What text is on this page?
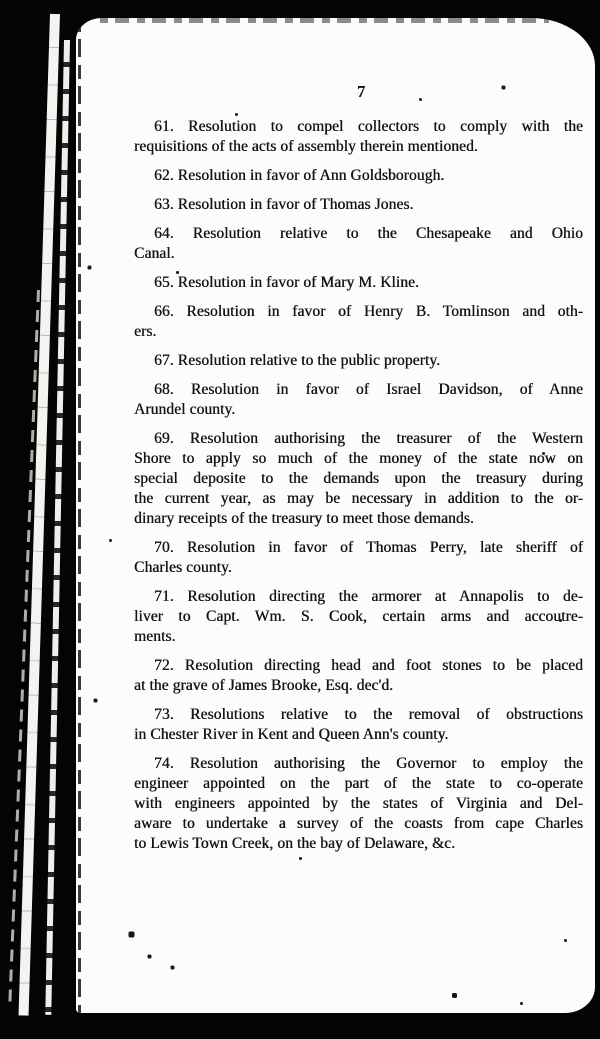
7

61. Resolution to compel collectors to comply with the
requisitions of the acts of assembly therein mentioned.

62. Resolution in favor of Ann Goldsborough.

63. Resolution in favor of Thomas Jones.

64. Resolution relative to the Chesapeake and Ohio
Canal.

65. Resolution in favor of Mary M. Kline.

66. Resolution in favor of Henry B. Tomlinson and oth-
ers.

67. Resolution relative to the public property.

68. Resolution in favor of Israel Davidson, of Anne
Arundel county.

69. Resolution authorising the treasurer of the Western
Shore to apply so much of the money of the state now on
special deposite to the demands upon the treasury during
the current year, as may be necessary in addition to the or-
dinary receipts of the treasury to meet those demands.

70. Resolution in favor of Thomas Perry, late sheriff of
Charles county.

71. Resolution directing the armorer at Annapolis to de-
liver to Capt. Wm. S. Cook, certain arms and accoutre-
ments.

72. Resolution directing head and foot stones to be placed
at the grave of James Brooke, Esq. dec'd.

73. Resolutions relative to the removal of obstructions
in Chester River in Kent and Queen Ann's county.

74. Resolution authorising the Governor to employ the
engineer appointed on the part of the state to co-operate
with engineers appointed by the states of Virginia and Del-
aware to undertake a survey of the coasts from cape Charles
to Lewis Town Creek, on the bay of Delaware, &c.
